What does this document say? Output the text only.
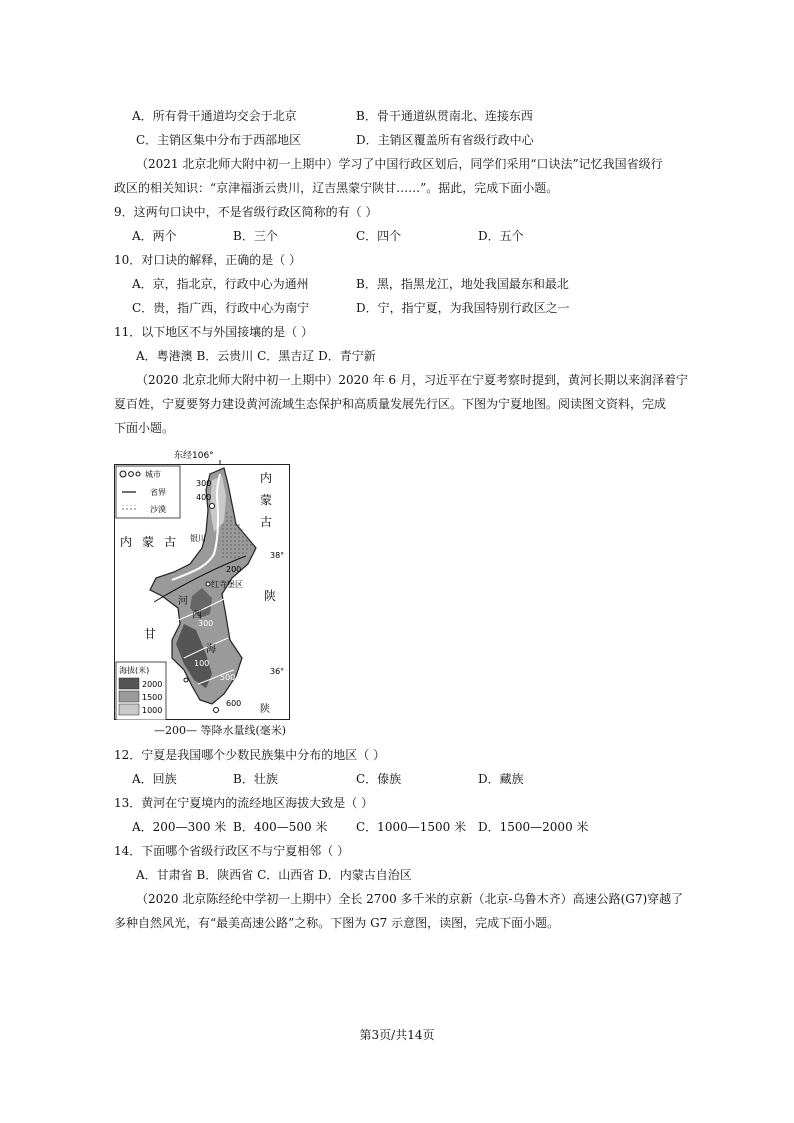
A．所有骨干通道均交会于北京	B．骨干通道纵贯南北、连接东西
C．主销区集中分布于西部地区	D．主销区覆盖所有省级行政中心
（2021 北京北师大附中初一上期中）学习了中国行政区划后，同学们采用“口诀法”记忆我国省级行
政区的相关知识：“京津福浙云贵川，辽吉黑蒙宁陕甘……”。据此，完成下面小题。
9．这两句口诀中，不是省级行政区简称的有（ ）
A．两个	B．三个	C．四个	D．五个
10．对口诀的解释，正确的是（ ）
A．京，指北京，行政中心为通州	B．黑，指黑龙江，地处我国最东和最北
C．贵，指广西，行政中心为南宁	D．宁，指宁夏，为我国特别行政区之一
11．以下地区不与外国接壤的是（ ）
A．粤港澳 B．云贵川 C．黑吉辽 D．青宁新
（2020 北京北师大附中初一上期中）2020 年 6 月，习近平在宁夏考察时提到，黄河长期以来润泽着宁
夏百姓，宁夏要努力建设黄河流域生态保护和高质量发展先行区。下图为宁夏地图。阅读图文资料，完成
下面小题。
东经106°
城市
省界
沙漠
内
蒙
古
内 蒙 古
陕
甘
陕
河
西
海
银川
红寺堡区
38°
36°
300
400
200
300
100
500
600
海拔(米)
2000
1500
1000
—200— 等降水量线(毫米)
12．宁夏是我国哪个少数民族集中分布的地区（ ）
A．回族	B．壮族	C．傣族	D．藏族
13．黄河在宁夏境内的流经地区海拔大致是（ ）
A．200—300 米 B．400—500 米 C．1000—1500 米 D．1500—2000 米
14．下面哪个省级行政区不与宁夏相邻（ ）
A．甘肃省 B．陕西省 C．山西省 D．内蒙古自治区
（2020 北京陈经纶中学初一上期中）全长 2700 多千米的京新（北京-乌鲁木齐）高速公路(G7)穿越了
多种自然风光，有“最美高速公路”之称。下图为 G7 示意图，读图，完成下面小题。
第3页/共14页
